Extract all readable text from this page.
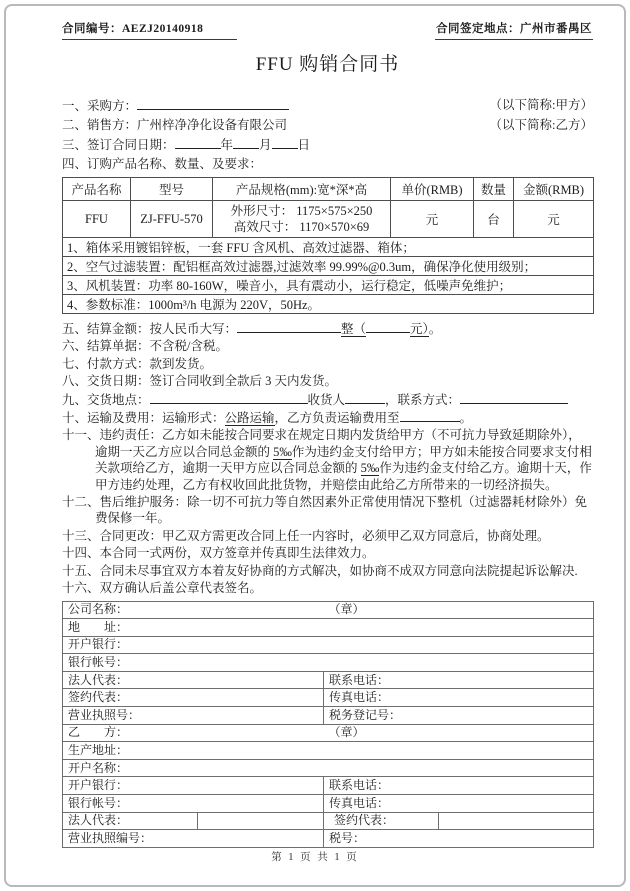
合同编号：AEZJ20140918	合同签定地点：广州市番禺区
FFU 购销合同书
一、采购方：	（以下简称:甲方）
二、销售方：广州梓净净化设备有限公司	（以下简称:乙方）
三、签订合同日期：	年 月 日
四、订购产品名称、数量、及要求：
产品名称	型号	产品规格(mm):宽*深*高	单价(RMB)	数量	金额(RMB)
FFU	ZJ-FFU-570	外形尺寸： 1175×575×250
高效尺寸： 1170×570×69	元	台	元
1、箱体采用镀铝锌板，一套 FFU 含风机、高效过滤器、箱体；					
2、空气过滤装置：配铝框高效过滤器,过滤效率 99.99%@0.3um，确保净化使用级别；					
3、风机装置：功率 80-160W，噪音小，具有震动小，运行稳定，低噪声免维护；					
4、参数标准：1000m³/h 电源为 220V，50Hz。					

五、结算金额：按人民币大写：	整（	元）。

六、结算单据：不含税/含税。

七、付款方式：款到发货。

八、交货日期：签订合同收到全款后 3 天内发货。

九、交货地点：	收货人	，联系方式：

十、运输及费用：运输形式：公路运输，乙方负责运输费用至	。

十一、违约责任：乙方如未能按合同要求在规定日期内发货给甲方（不可抗力导致延期除外），逾期一天乙方应以合同总金额的 5‰作为违约金支付给甲方；甲方如未能按合同要求支付相关款项给乙方，逾期一天甲方应以合同总金额的 5‰作为违约金支付给乙方。逾期十天，作甲方违约处理，乙方有权收回此批货物，并赔偿由此给乙方所带来的一切经济损失。

十二、售后维护服务：除一切不可抗力等自然因素外正常使用情况下整机（过滤器耗材除外）免费保修一年。

十三、合同更改：甲乙双方需更改合同上任一内容时，必须甲乙双方同意后，协商处理。

十四、本合同一式两份，双方签章并传真即生法律效力。

十五、合同未尽事宜双方本着友好协商的方式解决，如协商不成双方同意向法院提起诉讼解决.

十六、双方确认后盖公章代表签名。

公司名称：		（章）	
地　　址：			
开户银行：			
银行帐号：			
法人代表：		联系电话：	
签约代表：		传真电话：	
营业执照号：		税务登记号：	
乙　　方：		（章）	
生产地址：			
开户名称：			
开户银行：		联系电话：	
银行帐号：		传真电话：	
法人代表：		签约代表：	
营业执照编号：		税号：	
第 1 页 共 1 页
